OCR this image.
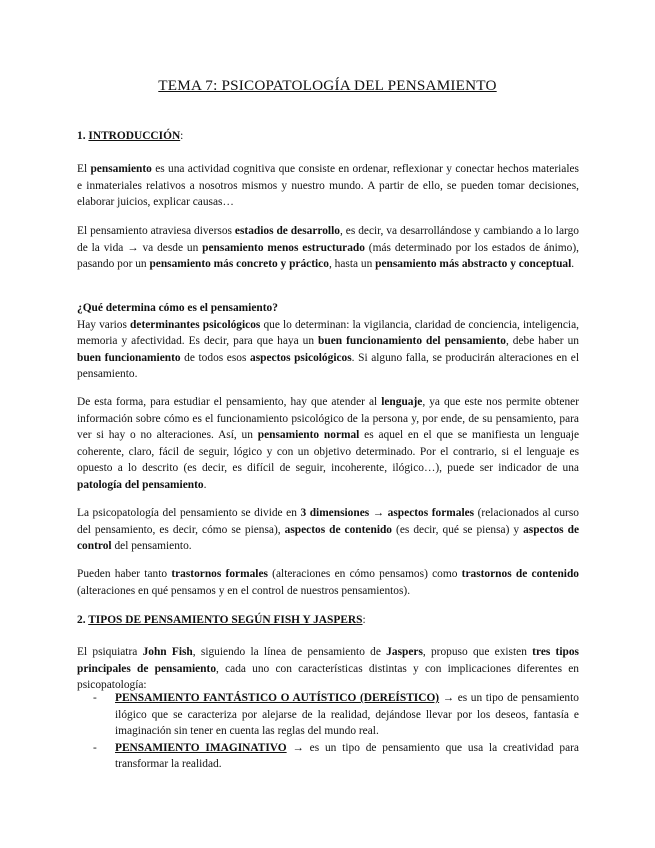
TEMA 7: PSICOPATOLOGÍA DEL PENSAMIENTO
1. INTRODUCCIÓN:
El pensamiento es una actividad cognitiva que consiste en ordenar, reflexionar y conectar hechos materiales e inmateriales relativos a nosotros mismos y nuestro mundo. A partir de ello, se pueden tomar decisiones, elaborar juicios, explicar causas…
El pensamiento atraviesa diversos estadios de desarrollo, es decir, va desarrollándose y cambiando a lo largo de la vida → va desde un pensamiento menos estructurado (más determinado por los estados de ánimo), pasando por un pensamiento más concreto y práctico, hasta un pensamiento más abstracto y conceptual.
¿Qué determina cómo es el pensamiento?
Hay varios determinantes psicológicos que lo determinan: la vigilancia, claridad de conciencia, inteligencia, memoria y afectividad. Es decir, para que haya un buen funcionamiento del pensamiento, debe haber un buen funcionamiento de todos esos aspectos psicológicos. Si alguno falla, se producirán alteraciones en el pensamiento.
De esta forma, para estudiar el pensamiento, hay que atender al lenguaje, ya que este nos permite obtener información sobre cómo es el funcionamiento psicológico de la persona y, por ende, de su pensamiento, para ver si hay o no alteraciones. Así, un pensamiento normal es aquel en el que se manifiesta un lenguaje coherente, claro, fácil de seguir, lógico y con un objetivo determinado. Por el contrario, si el lenguaje es opuesto a lo descrito (es decir, es difícil de seguir, incoherente, ilógico…), puede ser indicador de una patología del pensamiento.
La psicopatología del pensamiento se divide en 3 dimensiones → aspectos formales (relacionados al curso del pensamiento, es decir, cómo se piensa), aspectos de contenido (es decir, qué se piensa) y aspectos de control del pensamiento.
Pueden haber tanto trastornos formales (alteraciones en cómo pensamos) como trastornos de contenido (alteraciones en qué pensamos y en el control de nuestros pensamientos).
2. TIPOS DE PENSAMIENTO SEGÚN FISH Y JASPERS:
El psiquiatra John Fish, siguiendo la línea de pensamiento de Jaspers, propuso que existen tres tipos principales de pensamiento, cada uno con características distintas y con implicaciones diferentes en psicopatología:
- PENSAMIENTO FANTÁSTICO O AUTÍSTICO (DEREÍSTICO) → es un tipo de pensamiento ilógico que se caracteriza por alejarse de la realidad, dejándose llevar por los deseos, fantasía e imaginación sin tener en cuenta las reglas del mundo real.
- PENSAMIENTO IMAGINATIVO → es un tipo de pensamiento que usa la creatividad para transformar la realidad.
